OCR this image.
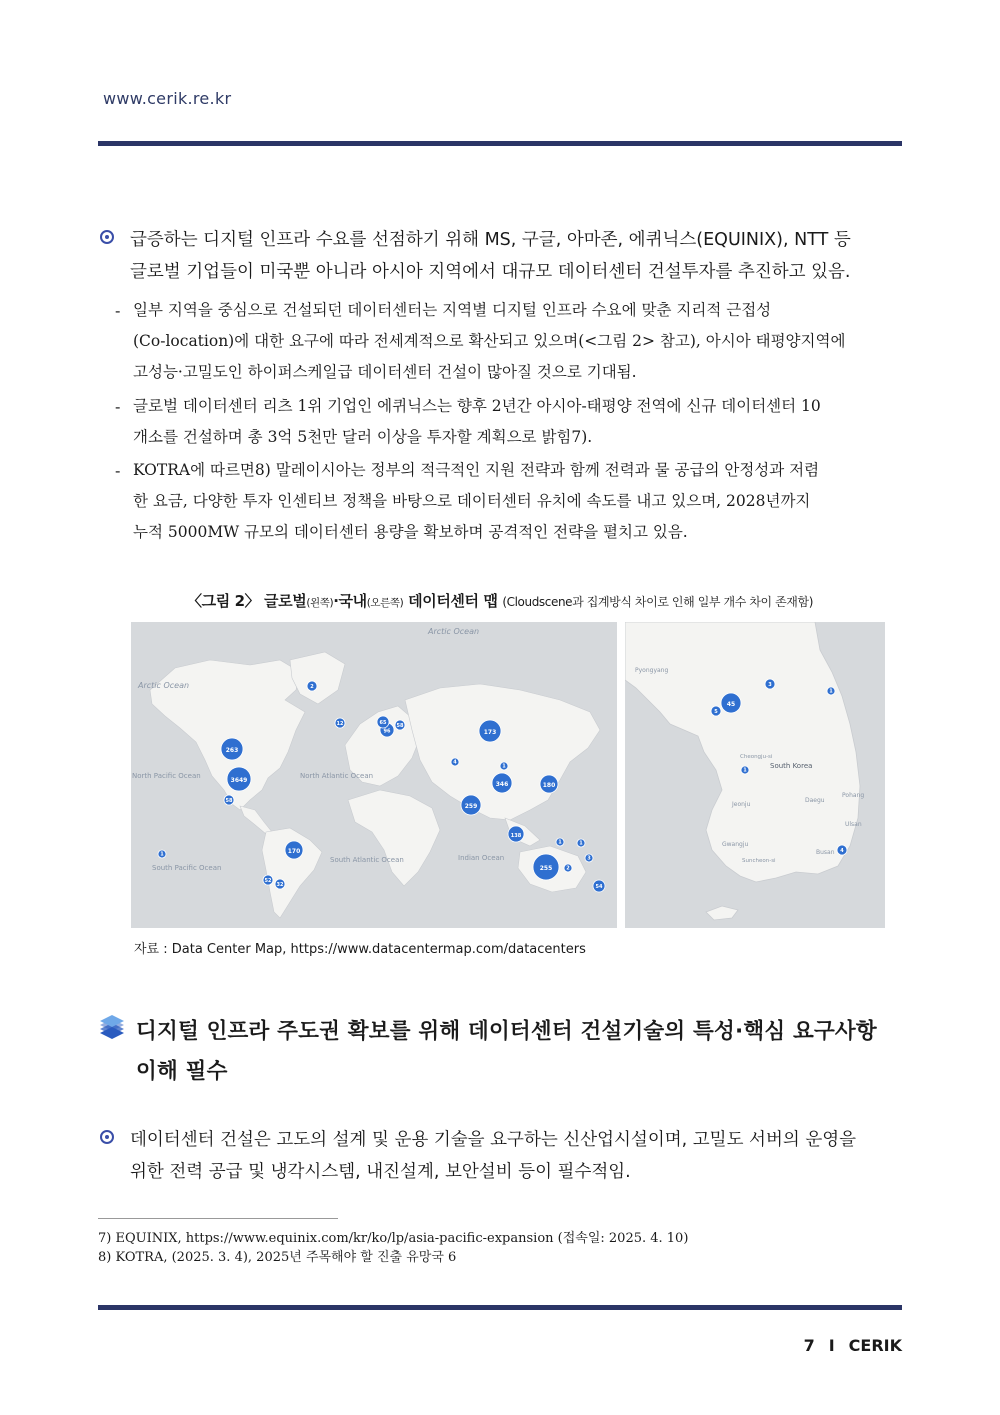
www.cerik.re.kr
급증하는 디지털 인프라 수요를 선점하기 위해 MS, 구글, 아마존, 에퀴닉스(EQUINIX), NTT 등
글로벌 기업들이 미국뿐 아니라 아시아 지역에서 대규모 데이터센터 건설투자를 추진하고 있음.
- 일부 지역을 중심으로 건설되던 데이터센터는 지역별 디지털 인프라 수요에 맞춘 지리적 근접성
(Co-location)에 대한 요구에 따라 전세계적으로 확산되고 있으며(<그림 2> 참고), 아시아 태평양지역에
고성능·고밀도인 하이퍼스케일급 데이터센터 건설이 많아질 것으로 기대됨.
- 글로벌 데이터센터 리츠 1위 기업인 에퀴닉스는 향후 2년간 아시아-태평양 전역에 신규 데이터센터 10
개소를 건설하며 총 3억 5천만 달러 이상을 투자할 계획으로 밝힘7).
- KOTRA에 따르면8) 말레이시아는 정부의 적극적인 지원 전략과 함께 전력과 물 공급의 안정성과 저렴
한 요금, 다양한 투자 인센티브 정책을 바탕으로 데이터센터 유치에 속도를 내고 있으며, 2028년까지
누적 5000MW 규모의 데이터센터 용량을 확보하며 공격적인 전략을 펼치고 있음.
〈그림 2〉 글로벌(왼쪽)·국내(오른쪽) 데이터센터 맵 (Cloudscene과 집계방식 차이로 인해 일부 개수 차이 존재함)
Arctic Ocean
Arctic Ocean
North Atlantic Ocean
North Pacific Ocean
South Pacific Ocean
South Atlantic Ocean	Indian Ocean
263
3649
173
346	180
259
170
255
138
54
96
65 58
2
12
1
58
52
32
4
1
2
3
1
1
Pyongyang
South Korea
Cheongju-si
Jeonju
Daegu
Pohang
Ulsan
Gwangju
Suncheon-si
Busan
45
3
1
5
1
4
자료 : Data Center Map, https://www.datacentermap.com/datacenters
디지털 인프라 주도권 확보를 위해 데이터센터 건설기술의 특성·핵심 요구사항
이해 필수
데이터센터 건설은 고도의 설계 및 운용 기술을 요구하는 신산업시설이며, 고밀도 서버의 운영을
위한 전력 공급 및 냉각시스템, 내진설계, 보안설비 등이 필수적임.
7) EQUINIX, https://www.equinix.com/kr/ko/lp/asia-pacific-expansion (접속일: 2025. 4. 10)
8) KOTRA, (2025. 3. 4), 2025년 주목해야 할 진출 유망국 6
7 I CERIK
